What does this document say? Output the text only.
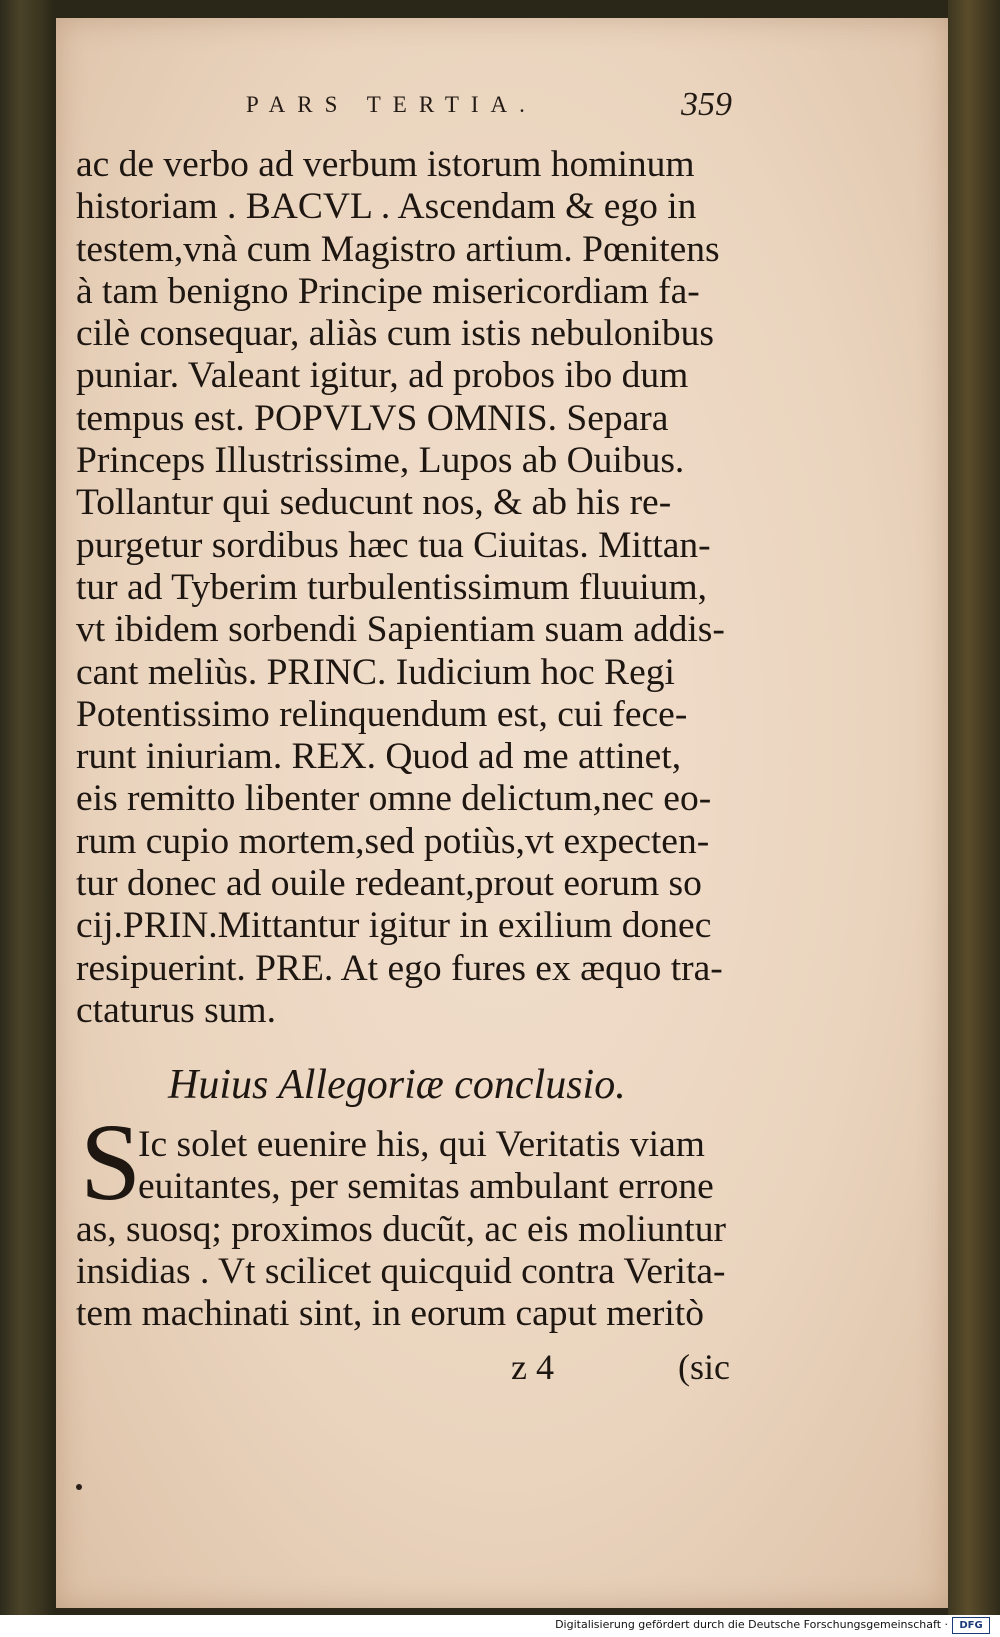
PARS TERTIA.	359
ac de verbo ad verbum istorum hominum
historiam . BACVL . Ascendam & ego in
testem,vnà cum Magistro artium. Pœnitens
à tam benigno Principe misericordiam fa-
cilè consequar, aliàs cum istis nebulonibus
puniar. Valeant igitur, ad probos ibo dum
tempus est. POPVLVS OMNIS. Separa
Princeps Illustrissime, Lupos ab Ouibus.
Tollantur qui seducunt nos, & ab his re-
purgetur sordibus hæc tua Ciuitas. Mittan-
tur ad Tyberim turbulentissimum fluuium,
vt ibidem sorbendi Sapientiam suam addis-
cant meliùs. PRINC. Iudicium hoc Regi
Potentissimo relinquendum est, cui fece-
runt iniuriam. REX. Quod ad me attinet,
eis remitto libenter omne delictum,nec eo-
rum cupio mortem,sed potiùs,vt expecten-
tur donec ad ouile redeant,prout eorum so
cij.PRIN.Mittantur igitur in exilium donec
resipuerint. PRE. At ego fures ex æquo tra-
ctaturus sum.
Huius Allegoriæ conclusio.
S
Ic solet euenire his, qui Veritatis viam
euitantes, per semitas ambulant errone
as, suosq; proximos ducũt, ac eis moliuntur
insidias . Vt scilicet quicquid contra Verita-
tem machinati sint, in eorum caput meritò
z 4	(sic
Digitalisierung gefördert durch die Deutsche Forschungsgemeinschaft ·	DFG
